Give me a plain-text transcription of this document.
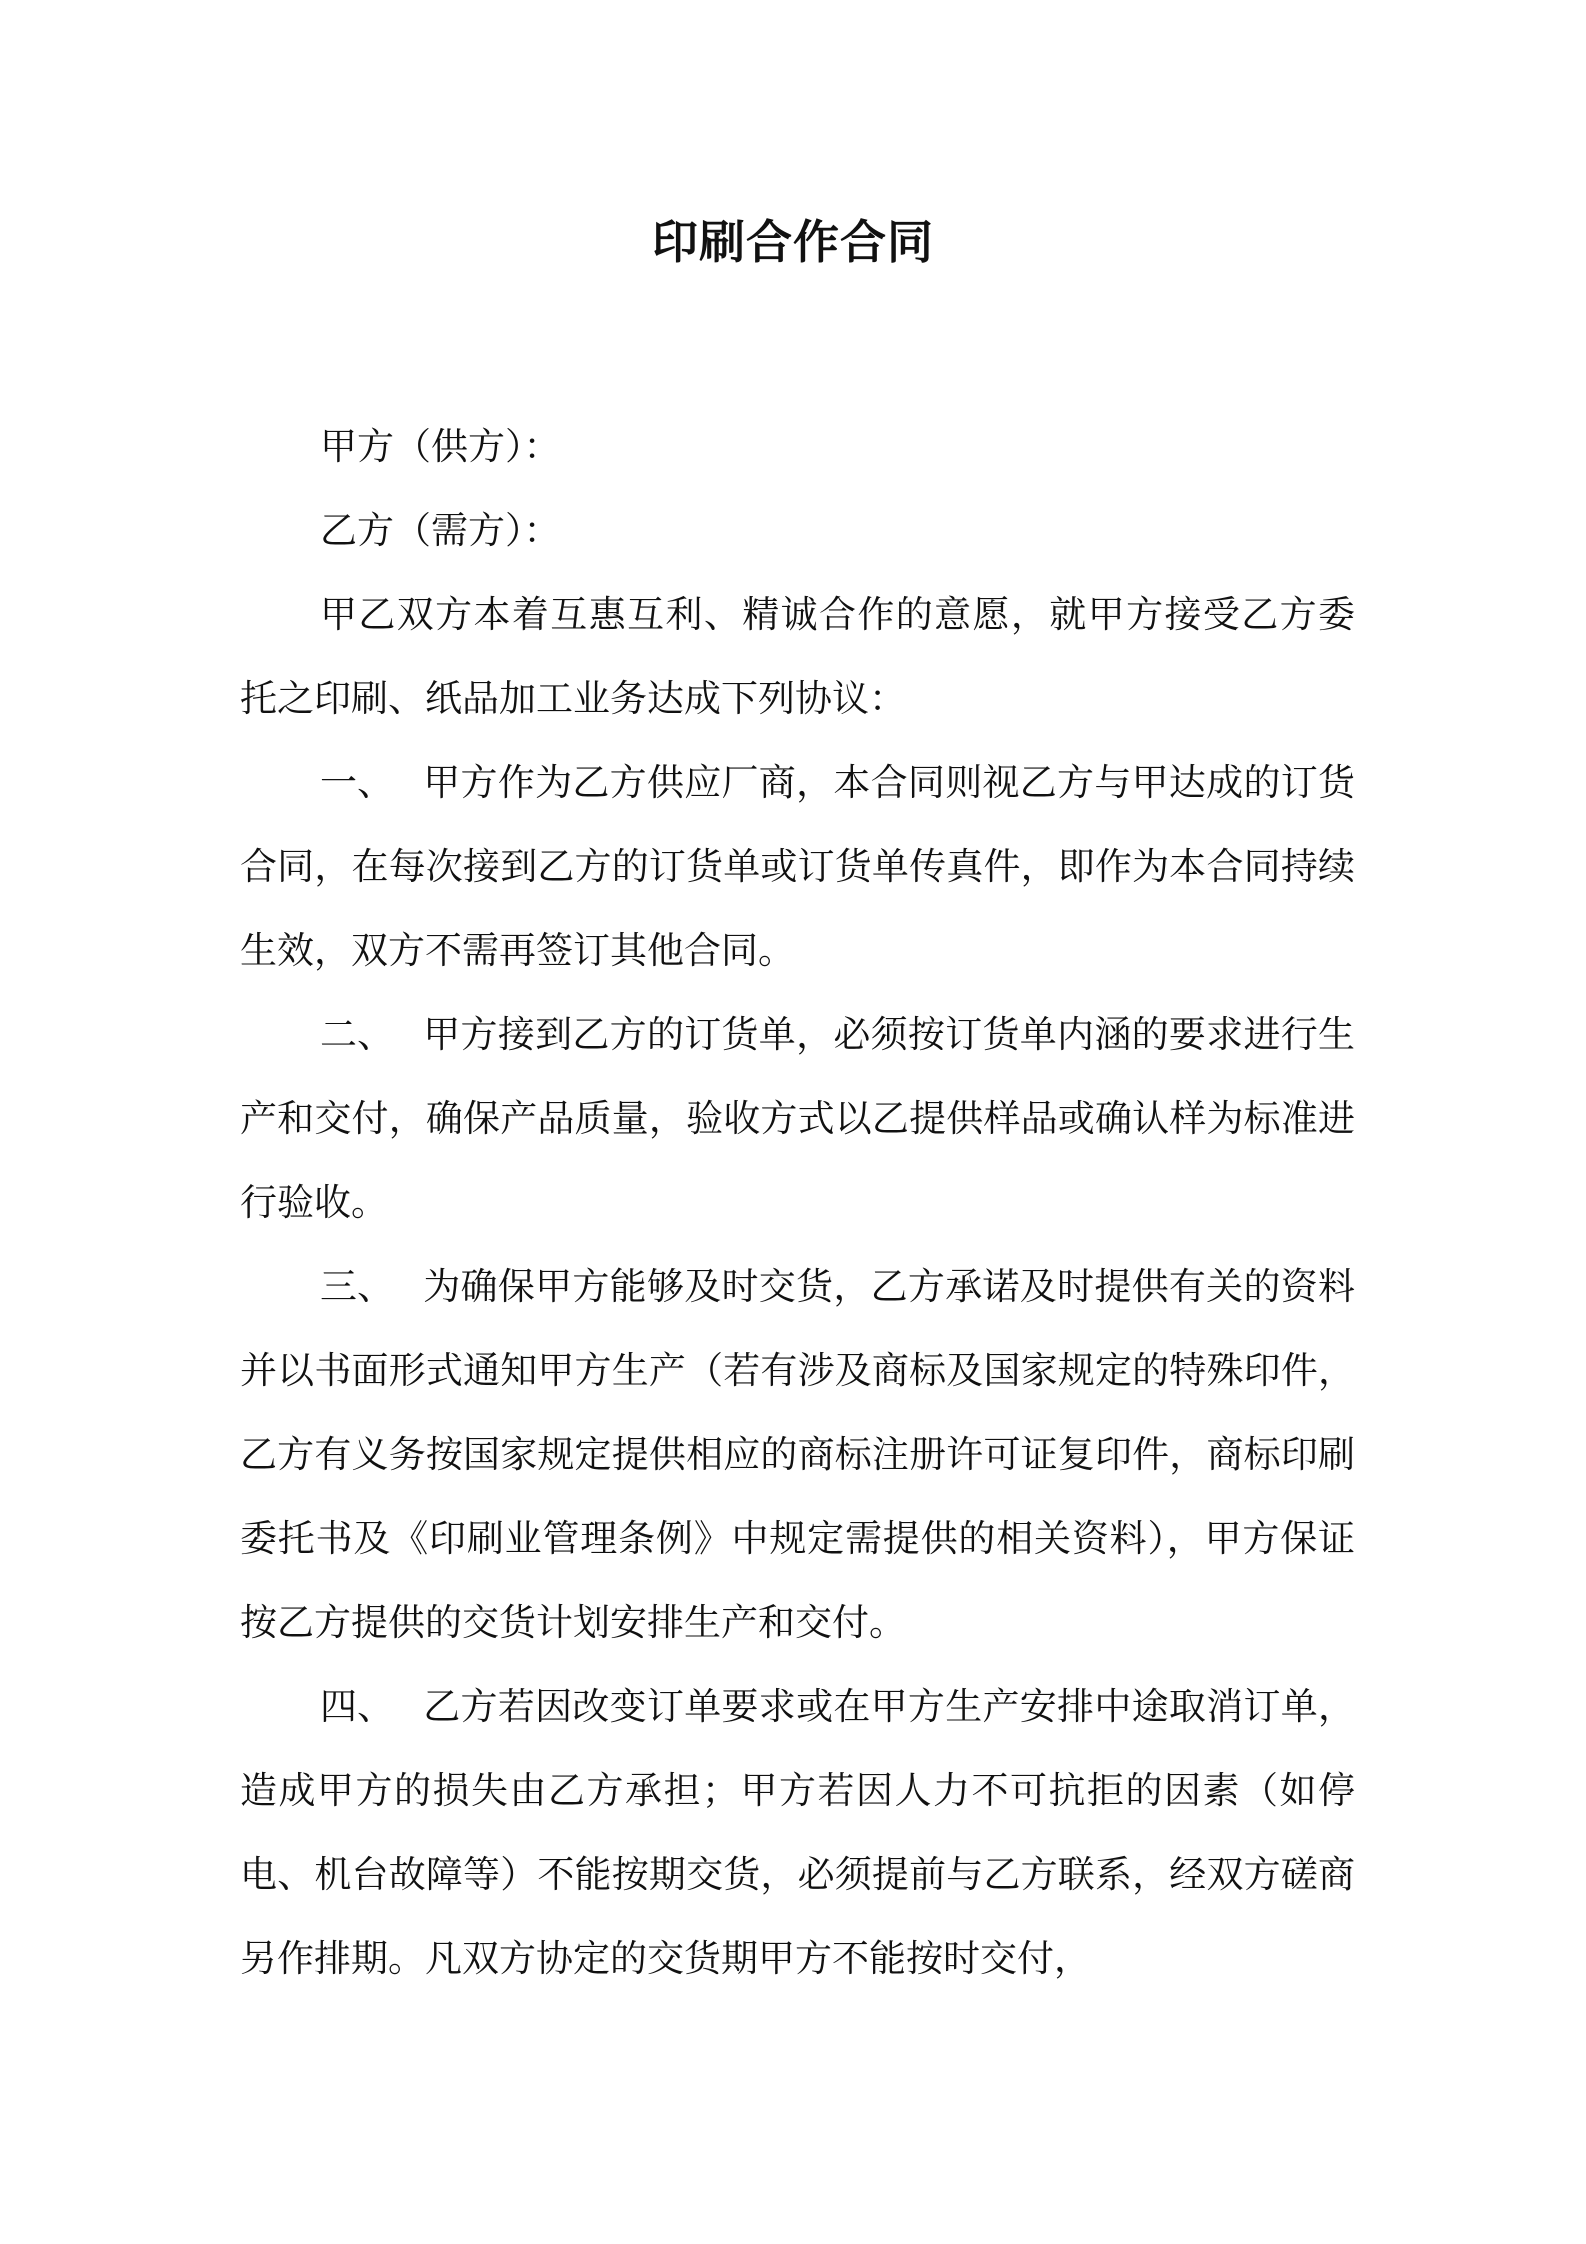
印刷合作合同

甲方（供方）：

乙方（需方）：

甲乙双方本着互惠互利、精诚合作的意愿，就甲方接受乙方委托之印刷、纸品加工业务达成下列协议：

一、 甲方作为乙方供应厂商，本合同则视乙方与甲达成的订货合同，在每次接到乙方的订货单或订货单传真件，即作为本合同持续生效，双方不需再签订其他合同。

二、 甲方接到乙方的订货单，必须按订货单内涵的要求进行生产和交付，确保产品质量，验收方式以乙提供样品或确认样为标准进行验收。

三、 为确保甲方能够及时交货，乙方承诺及时提供有关的资料并以书面形式通知甲方生产（若有涉及商标及国家规定的特殊印件，乙方有义务按国家规定提供相应的商标注册许可证复印件，商标印刷委托书及《印刷业管理条例》中规定需提供的相关资料），甲方保证按乙方提供的交货计划安排生产和交付。

四、 乙方若因改变订单要求或在甲方生产安排中途取消订单，造成甲方的损失由乙方承担；甲方若因人力不可抗拒的因素（如停电、机台故障等）不能按期交货，必须提前与乙方联系，经双方磋商另作排期。凡双方协定的交货期甲方不能按时交付，
